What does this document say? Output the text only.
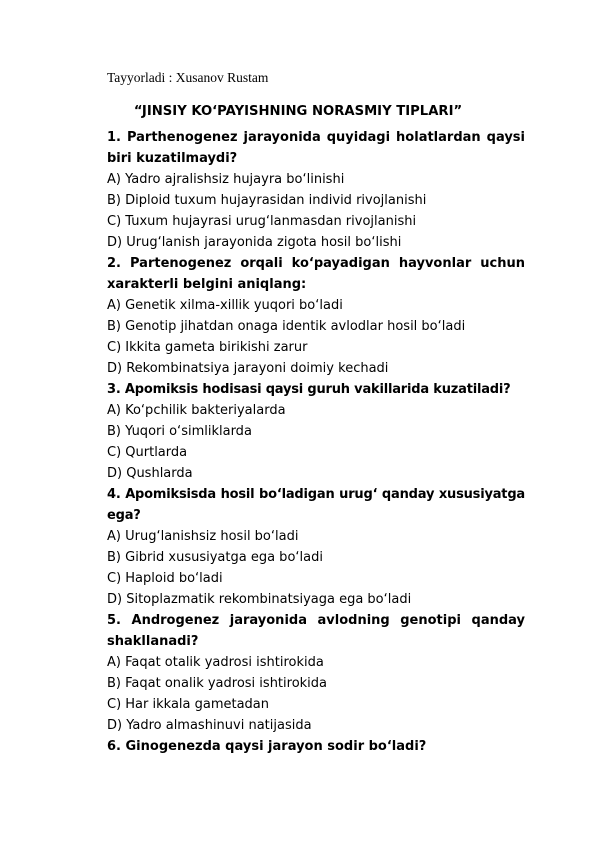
Tayyorladi : Xusanov Rustam
“JINSIY KO‘PAYISHNING NORASMIY TIPLARI”
1. Parthenogenez jarayonida quyidagi holatlardan qaysi biri kuzatilmaydi?
A) Yadro ajralishsiz hujayra bo‘linishi
B) Diploid tuxum hujayrasidan individ rivojlanishi
C) Tuxum hujayrasi urug‘lanmasdan rivojlanishi
D) Urug‘lanish jarayonida zigota hosil bo‘lishi
2. Partenogenez orqali ko‘payadigan hayvonlar uchun xarakterli belgini aniqlang:
A) Genetik xilma-xillik yuqori bo‘ladi
B) Genotip jihatdan onaga identik avlodlar hosil bo‘ladi
C) Ikkita gameta birikishi zarur
D) Rekombinatsiya jarayoni doimiy kechadi
3. Apomiksis hodisasi qaysi guruh vakillarida kuzatiladi?
A) Ko‘pchilik bakteriyalarda
B) Yuqori o‘simliklarda
C) Qurtlarda
D) Qushlarda
4. Apomiksisda hosil bo‘ladigan urug‘ qanday xususiyatga ega?
A) Urug‘lanishsiz hosil bo‘ladi
B) Gibrid xususiyatga ega bo‘ladi
C) Haploid bo‘ladi
D) Sitoplazmatik rekombinatsiyaga ega bo‘ladi
5. Androgenez jarayonida avlodning genotipi qanday shakllanadi?
A) Faqat otalik yadrosi ishtirokida
B) Faqat onalik yadrosi ishtirokida
C) Har ikkala gametadan
D) Yadro almashinuvi natijasida
6. Ginogenezda qaysi jarayon sodir bo‘ladi?
